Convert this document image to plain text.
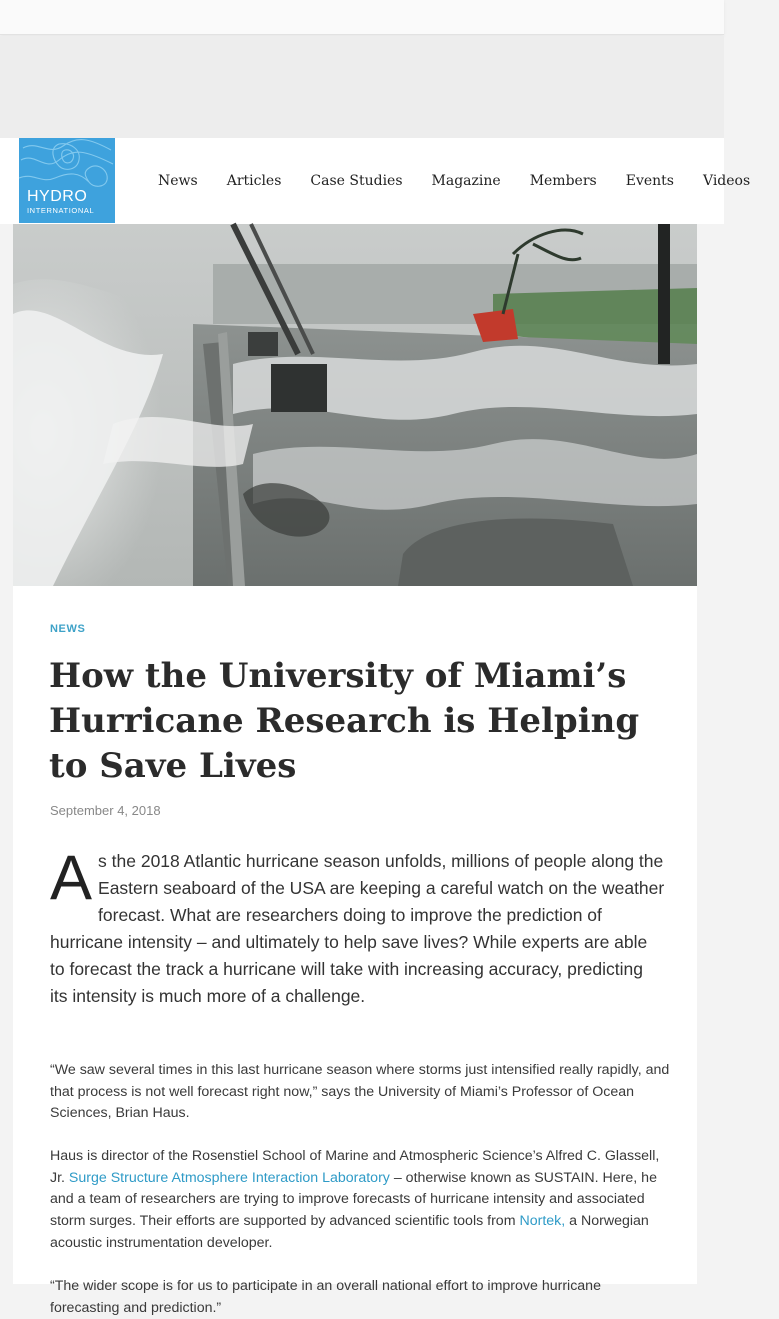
HYDRO
INTERNATIONAL
News Articles Case Studies Magazine Members Events Videos
NEWS
How the University of Miami’s Hurricane Research is Helping to Save Lives
September 4, 2018

As the 2018 Atlantic hurricane season unfolds, millions of people along the Eastern seaboard of the USA are keeping a careful watch on the weather forecast. What are researchers doing to improve the prediction of hurricane intensity – and ultimately to help save lives? While experts are able to forecast the track a hurricane will take with increasing accuracy, predicting its intensity is much more of a challenge.

“We saw several times in this last hurricane season where storms just intensified really rapidly, and that process is not well forecast right now,” says the University of Miami’s Professor of Ocean Sciences, Brian Haus.

Haus is director of the Rosenstiel School of Marine and Atmospheric Science’s Alfred C. Glassell, Jr. Surge Structure Atmosphere Interaction Laboratory – otherwise known as SUSTAIN. Here, he and a team of researchers are trying to improve forecasts of hurricane intensity and associated storm surges. Their efforts are supported by advanced scientific tools from Nortek, a Norwegian acoustic instrumentation developer.

“The wider scope is for us to participate in an overall national effort to improve hurricane forecasting and prediction.”
